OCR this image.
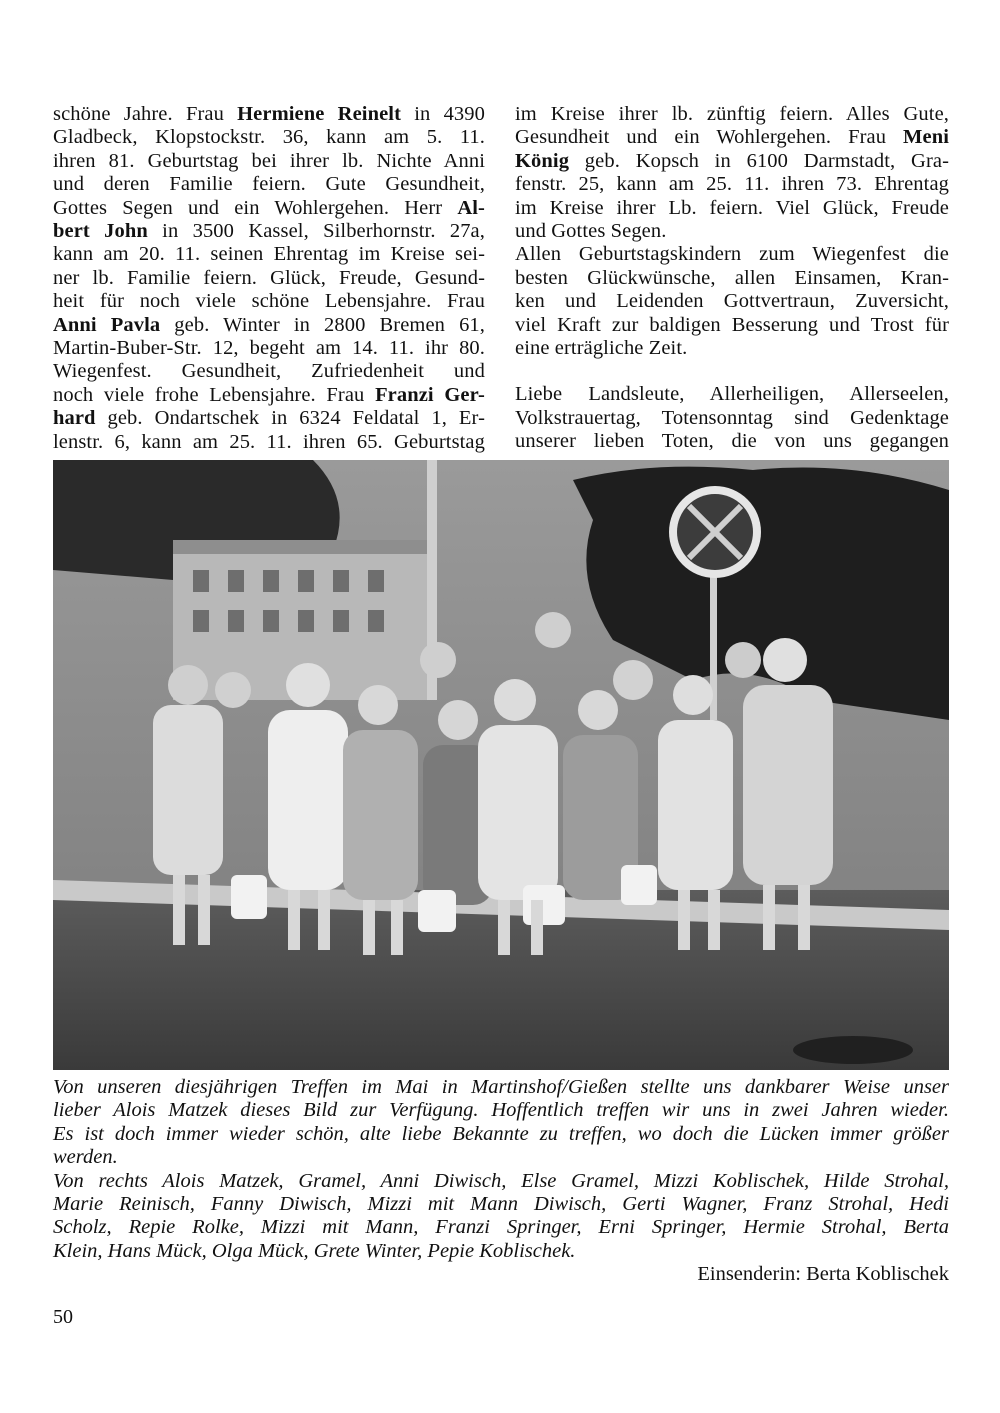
schöne Jahre. Frau Hermiene Reinelt in 4390
Gladbeck, Klopstockstr. 36, kann am 5. 11.
ihren 81. Geburtstag bei ihrer lb. Nichte Anni
und deren Familie feiern. Gute Gesundheit,
Gottes Segen und ein Wohlergehen. Herr Al-
bert John in 3500 Kassel, Silberhornstr. 27a,
kann am 20. 11. seinen Ehrentag im Kreise sei-
ner lb. Familie feiern. Glück, Freude, Gesund-
heit für noch viele schöne Lebensjahre. Frau
Anni Pavla geb. Winter in 2800 Bremen 61,
Martin-Buber-Str. 12, begeht am 14. 11. ihr 80.
Wiegenfest. Gesundheit, Zufriedenheit und
noch viele frohe Lebensjahre. Frau Franzi Ger-
hard geb. Ondartschek in 6324 Feldatal 1, Er-
lenstr. 6, kann am 25. 11. ihren 65. Geburtstag
im Kreise ihrer lb. zünftig feiern. Alles Gute,
Gesundheit und ein Wohlergehen. Frau Meni
König geb. Kopsch in 6100 Darmstadt, Gra-
fenstr. 25, kann am 25. 11. ihren 73. Ehrentag
im Kreise ihrer Lb. feiern. Viel Glück, Freude
und Gottes Segen.
Allen Geburtstagskindern zum Wiegenfest die
besten Glückwünsche, allen Einsamen, Kran-
ken und Leidenden Gottvertraun, Zuversicht,
viel Kraft zur baldigen Besserung und Trost für
eine erträgliche Zeit.
Liebe Landsleute, Allerheiligen, Allerseelen,
Volkstrauertag, Totensonntag sind Gedenktage
unserer lieben Toten, die von uns gegangen
Von unseren diesjährigen Treffen im Mai in Martinshof/Gießen stellte uns dankbarer Weise unser
lieber Alois Matzek dieses Bild zur Verfügung. Hoffentlich treffen wir uns in zwei Jahren wieder.
Es ist doch immer wieder schön, alte liebe Bekannte zu treffen, wo doch die Lücken immer größer
werden.
Von rechts Alois Matzek, Gramel, Anni Diwisch, Else Gramel, Mizzi Koblischek, Hilde Strohal,
Marie Reinisch, Fanny Diwisch, Mizzi mit Mann Diwisch, Gerti Wagner, Franz Strohal, Hedi
Scholz, Repie Rolke, Mizzi mit Mann, Franzi Springer, Erni Springer, Hermie Strohal, Berta
Klein, Hans Mück, Olga Mück, Grete Winter, Pepie Koblischek.
Einsenderin: Berta Koblischek
50
